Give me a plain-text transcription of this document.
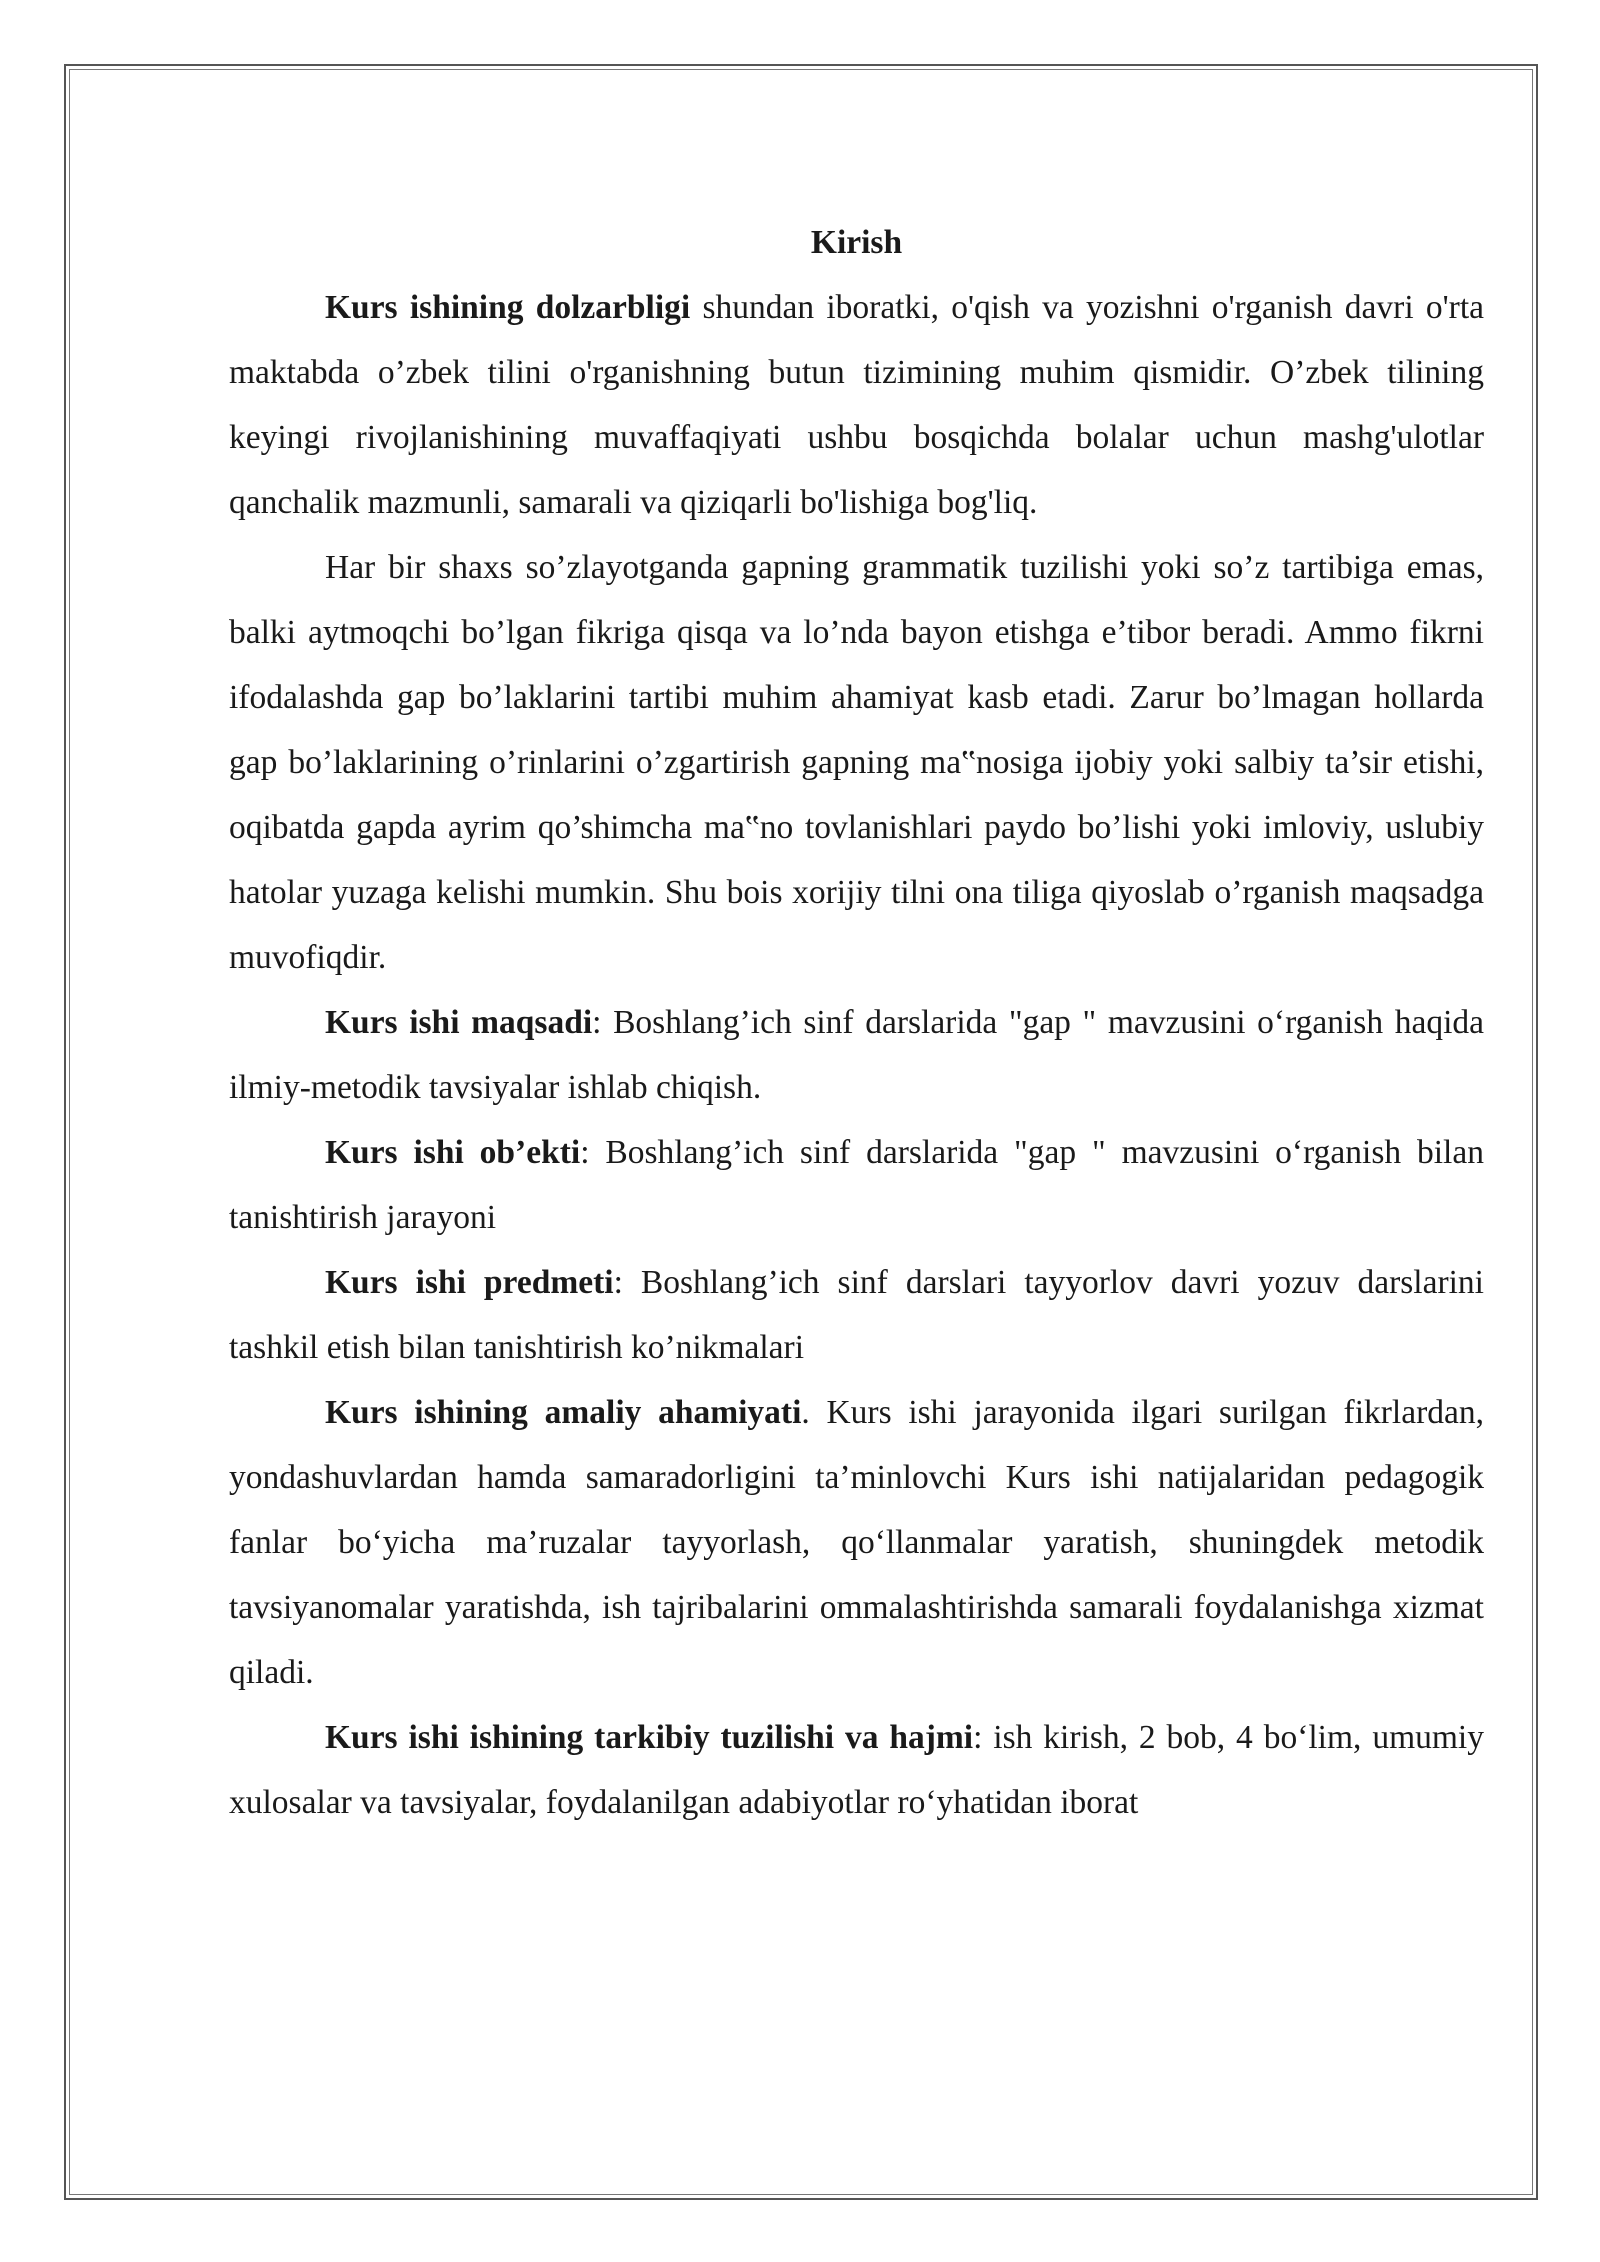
Kirish

Kurs ishining dolzarbligi shundan iboratki, o'qish va yozishni o'rganish davri o'rta maktabda o’zbek tilini o'rganishning butun tizimining muhim qismidir. O’zbek tilining keyingi rivojlanishining muvaffaqiyati ushbu bosqichda bolalar uchun mashg'ulotlar qanchalik mazmunli, samarali va qiziqarli bo'lishiga bog'liq.

Har bir shaxs so’zlayotganda gapning grammatik tuzilishi yoki so’z tartibiga emas, balki aytmoqchi bo’lgan fikriga qisqa va lo’nda bayon etishga e’tibor beradi. Ammo fikrni ifodalashda gap bo’laklarini tartibi muhim ahamiyat kasb etadi. Zarur bo’lmagan hollarda gap bo’laklarining o’rinlarini o’zgartirish gapning ma‟nosiga ijobiy yoki salbiy ta’sir etishi, oqibatda gapda ayrim qo’shimcha ma‟no tovlanishlari paydo bo’lishi yoki imloviy, uslubiy hatolar yuzaga kelishi mumkin. Shu bois xorijiy tilni ona tiliga qiyoslab o’rganish maqsadga muvofiqdir.

Kurs ishi maqsadi: Boshlang’ich sinf darslarida "gap " mavzusini o‘rganish haqida ilmiy-metodik tavsiyalar ishlab chiqish.

Kurs ishi ob’ekti: Boshlang’ich sinf darslarida "gap " mavzusini o‘rganish bilan tanishtirish jarayoni

Kurs ishi predmeti: Boshlang’ich sinf darslari tayyorlov davri yozuv darslarini tashkil etish bilan tanishtirish ko’nikmalari

Kurs ishining amaliy ahamiyati. Kurs ishi jarayonida ilgari surilgan fikrlardan, yondashuvlardan hamda samaradorligini ta’minlovchi Kurs ishi natijalaridan pedagogik fanlar bo‘yicha ma’ruzalar tayyorlash, qo‘llanmalar yaratish, shuningdek metodik tavsiyanomalar yaratishda, ish tajribalarini ommalashtirishda samarali foydalanishga xizmat qiladi.

Kurs ishi ishining tarkibiy tuzilishi va hajmi: ish kirish, 2 bob, 4 bo‘lim, umumiy xulosalar va tavsiyalar, foydalanilgan adabiyotlar ro‘yhatidan iborat
